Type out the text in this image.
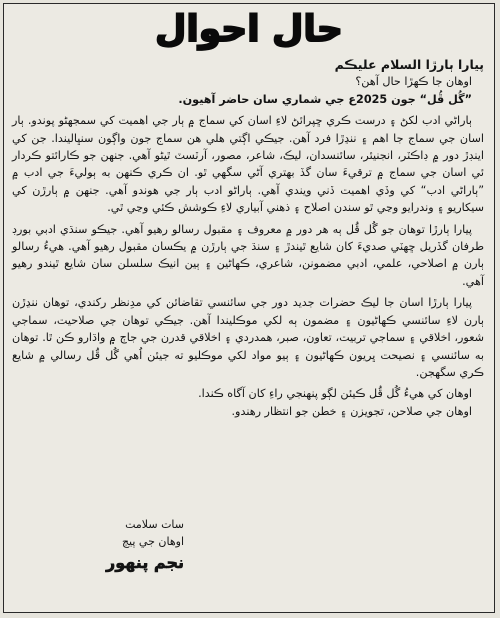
حال احوال

پيارا ٻارڙا السلام عليڪم

اوهان جا ڪهڙا حال آهن؟

”گُل ڦُل“ جون 2025ع جي شماري سان حاضر آهيون.

ٻاراڻي ادب لکڻ ۽ درست ڪري ڇپرائڻ لاءِ اسان کي سماج ۾ ٻار جي اهميت کي سمجهڻو پوندو. ٻار اسان جي سماج جا اهم ۽ ننڍڙا فرد آهن. جيڪي اڳتي هلي هن سماج جون واڳون سنڀاليندا. جن کي اينڊڙ دور ۾ ڊاڪٽر، انجنيئر، سائنسدان، ليڪ، شاعر، مصور، آرٽسٽ ٿيڻو آهي. جنهن جو ڪارائتو ڪردار ئي اسان جي سماج ۾ ترقيءَ سان گڏ بهتري آڻي سگهي ٿو. ان ڪري ڪنهن به ٻوليءَ جي ادب ۾ ”ٻاراڻي ادب“ کي وڏي اهميت ڏني ويندي آهي. ٻاراڻو ادب ٻار جي هوندو آهي. جنهن ۾ ٻارڙن کي سيکاريو ۽ وندرايو وڃي ٿو سندن اصلاح ۽ ذهني آبياري لاءِ ڪوشش ڪئي وڃي ٿي.

پيارا ٻارڙا توهان جو گُل ڦُل ٻه هر دور ۾ معروف ۽ مقبول رسالو رهيو آهي. جيڪو سنڌي ادبي بورڊ طرفان گڏريل ڇهٽي صديءَ کان شايع ٿيندڙ ۽ سنڌ جي ٻارڙن ۾ يڪسان مقبول رهيو آهي. هيءُ رسالو ٻارن ۾ اصلاحي، علمي، ادبي مضمونن، شاعري، ڪهاڻين ۽ ٻين انيڪ سلسلن سان شايع ٿيندو رهيو آهي.

پيارا ٻارڙا اسان جا ليڪ حضرات جديد دور جي سائنسي تقاضائن کي مدِنظر رکندي، توهان ننڍڙن ٻارن لاءِ سائنسي ڪهاڻيون ۽ مضمون ٻه لکي موڪليندا آهن. جيڪي توهان جي صلاحيت، سماجي شعور، اخلاقي ۽ سماجي تربيت، تعاون، صبر، همدردي ۽ اخلاقي قدرن جي جاڄ ۾ واڌارو ڪن ٿا. توهان به سائنسي ۽ نصيحت ڀريون ڪهاڻيون ۽ ٻيو مواد لکي موڪليو ته جيئن اُهي گُل ڦُل رسالي ۾ شايع ڪري سگهجن.

اوهان کي هيءُ گُل ڦُل ڪيئن لڳو پنهنجي راءِ کان آگاه ڪندا.

اوهان جي صلاحن، تجويزن ۽ خطن جو انتظار رهندو.

سات سلامت
اوهان جي پيڄ
نجم پنهور
